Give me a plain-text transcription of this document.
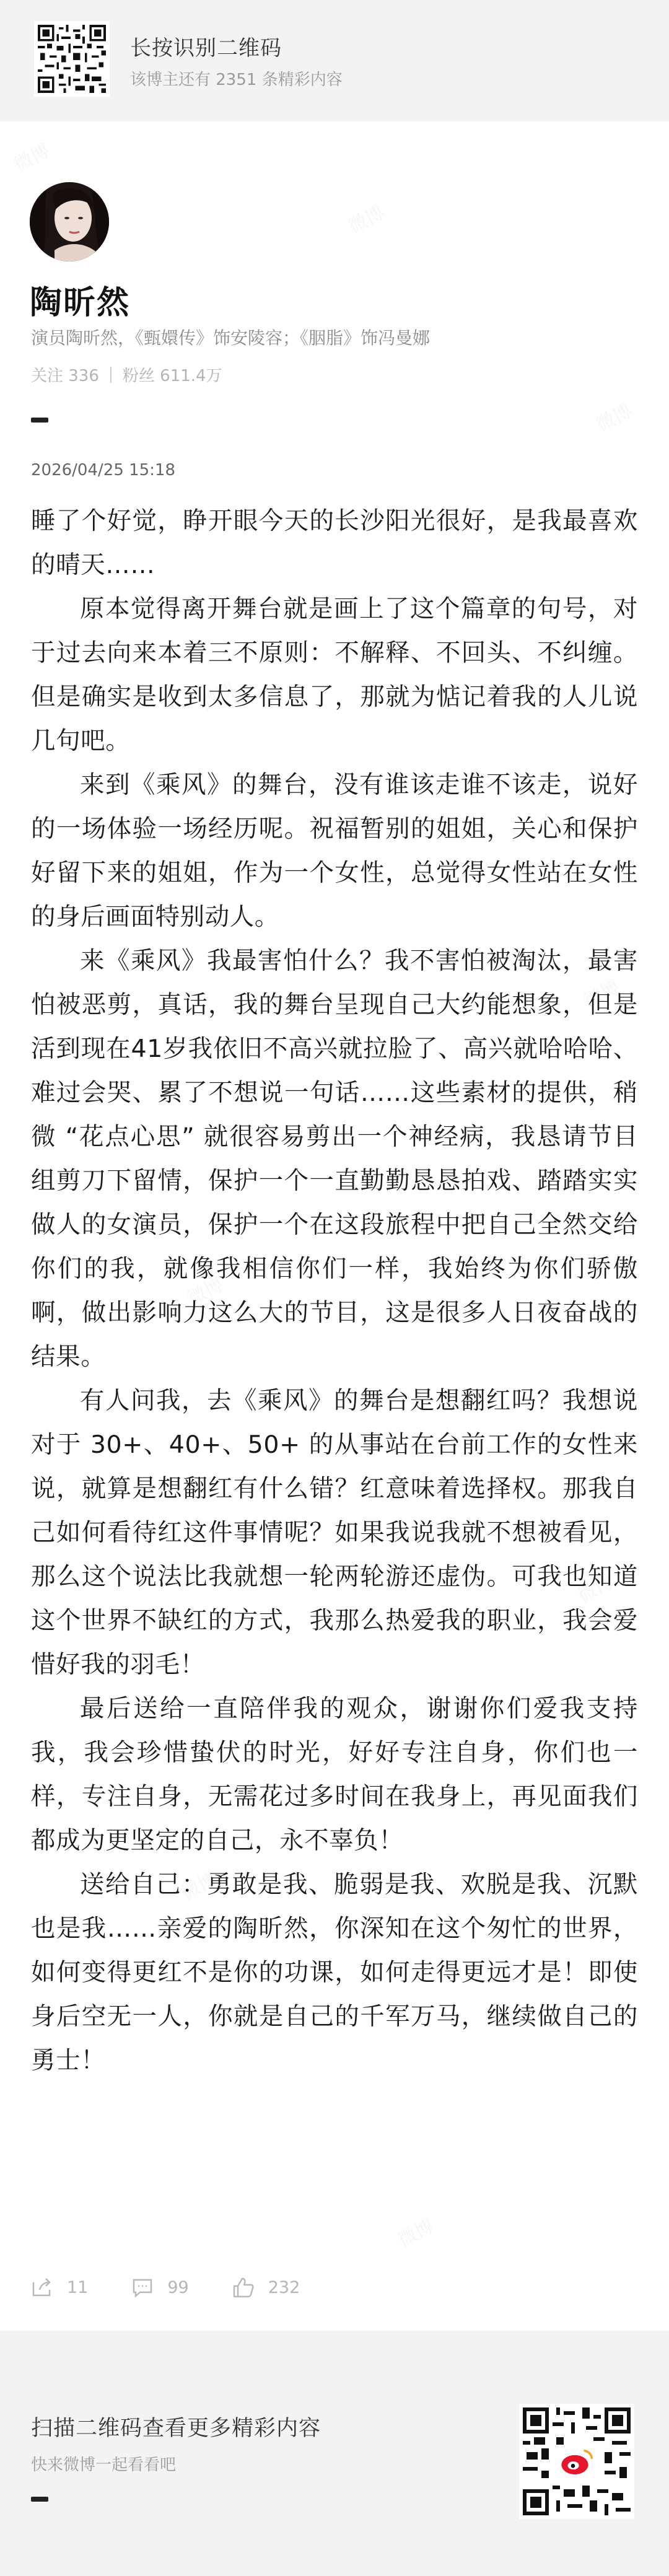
长按识别二维码
该博主还有 2351 条精彩内容
陶昕然
演员陶昕然，《甄嬛传》饰安陵容；《胭脂》饰冯曼娜
关注 336 粉丝 611.4万
2026/04/25 15:18

睡了个好觉，睁开眼今天的长沙阳光很好，是我最喜欢的晴天……

原本觉得离开舞台就是画上了这个篇章的句号，对于过去向来本着三不原则：不解释、不回头、不纠缠。但是确实是收到太多信息了，那就为惦记着我的人儿说几句吧。

来到《乘风》的舞台，没有谁该走谁不该走，说好的一场体验一场经历呢。祝福暂别的姐姐，关心和保护好留下来的姐姐，作为一个女性，总觉得女性站在女性的身后画面特别动人。

来《乘风》我最害怕什么？我不害怕被淘汰，最害怕被恶剪，真话，我的舞台呈现自己大约能想象，但是活到现在41岁我依旧不高兴就拉脸了、高兴就哈哈哈、难过会哭、累了不想说一句话……这些素材的提供，稍微 “花点心思” 就很容易剪出一个神经病，我恳请节目组剪刀下留情，保护一个一直勤勤恳恳拍戏、踏踏实实做人的女演员，保护一个在这段旅程中把自己全然交给你们的我，就像我相信你们一样，我始终为你们骄傲啊，做出影响力这么大的节目，这是很多人日夜奋战的结果。

有人问我，去《乘风》的舞台是想翻红吗？我想说对于 30+、40+、50+ 的从事站在台前工作的女性来说，就算是想翻红有什么错？红意味着选择权。那我自己如何看待红这件事情呢？如果我说我就不想被看见，那么这个说法比我就想一轮两轮游还虚伪。可我也知道这个世界不缺红的方式，我那么热爱我的职业，我会爱惜好我的羽毛！

最后送给一直陪伴我的观众，谢谢你们爱我支持我，我会珍惜蛰伏的时光，好好专注自身，你们也一样，专注自身，无需花过多时间在我身上，再见面我们都成为更坚定的自己，永不辜负！

送给自己：勇敢是我、脆弱是我、欢脱是我、沉默也是我……亲爱的陶昕然，你深知在这个匆忙的世界，如何变得更红不是你的功课，如何走得更远才是！即使身后空无一人，你就是自己的千军万马，继续做自己的勇士！

11	99	232
扫描二维码查看更多精彩内容
快来微博一起看看吧
